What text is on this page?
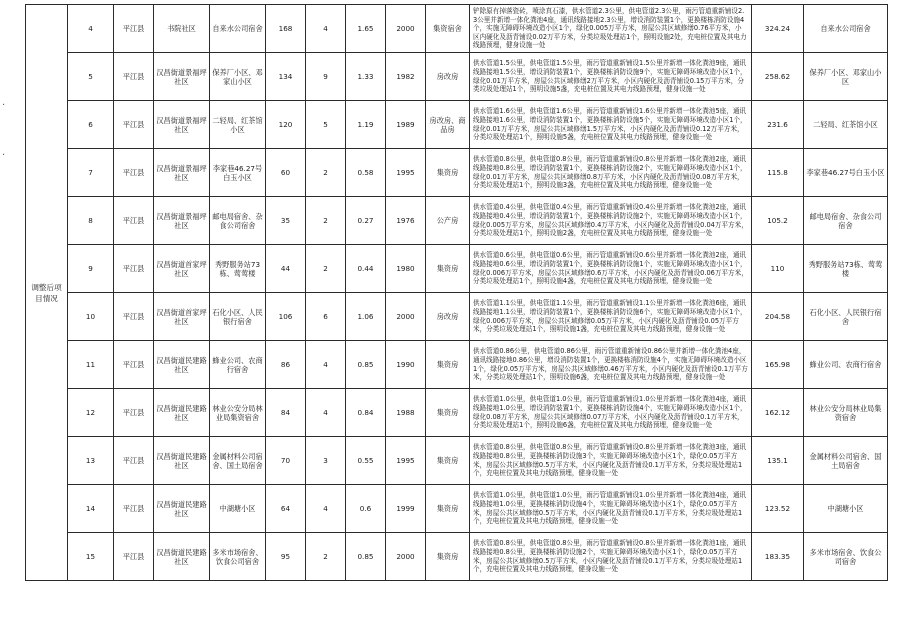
·
·
调整后项目情况	4	平江县	书院社区	自来水公司宿舍	168	4	1.65	2000	集资宿舍	铲除原有掉落瓷砖，喷涂真石漆，供水管道2.3公里，供电管道2.3公里，雨污管道重新铺设2.3公里并新增一体化粪池4座，通讯线路接地2.3公里，增设消防装置1个，更换楼栋消防设施4个，实施无障碍环境改造小区1个，绿化0.005万平方米，房屋公共区域修缮0.76平方米，小区内硬化及沥青铺设0.02万平方米，分类垃圾处理站1个，照明设施2处，充电桩位置及其电力线路预埋，健身设施一处	324.24	自来水公司宿舍
	5	平江县	汉昌街道景福坪社区	保养厂小区、邓家山小区	134	9	1.33	1982	房改房	供水管道1.5公里，供电管道1.5公里，雨污管道重新铺设1.5公里并新增一体化粪池9座，通讯线路接地1.5公里，增设消防装置1个，更换楼栋消防设施9个，实施无障碍环境改造小区1个，绿化0.01万平方米，房屋公共区域修缮2万平方米，小区内硬化及沥青铺设0.15万平方米，分类垃圾处理站1个，照明设施5盏，充电桩位置及其电力线路预埋，健身设施一处	258.62	保养厂小区、邓家山小区
	6	平江县	汉昌街道景福坪社区	二轻局、红茶馆小区	120	5	1.19	1989	房改房、商品房	供水管道1.6公里，供电管道1.6公里，雨污管道重新铺设1.6公里并新增一体化粪池5座，通讯线路接地1.6公里，增设消防装置1个，更换楼栋消防设施5个，实施无障碍环境改造小区1个，绿化0.01万平方米，房屋公共区域修缮1.5万平方米，小区内硬化及沥青铺设0.12万平方米，分类垃圾处理站1个，照明设施5盏，充电桩位置及其电力线路预埋，健身设施一处	231.6	二轻局、红茶馆小区
	7	平江县	汉昌街道景福坪社区	李家巷46.27号白玉小区	60	2	0.58	1995	集资房	供水管道0.8公里，供电管道0.8公里，雨污管道重新铺设0.8公里并新增一体化粪池2座，通讯线路接地0.8公里，增设消防装置1个，更换楼栋消防设施2个，实施无障碍环境改造小区1个，绿化0.01万平方米，房屋公共区域修缮0.8万平方米，小区内硬化及沥青铺设0.08万平方米，分类垃圾处理站1个，照明设施3盏，充电桩位置及其电力线路预埋，健身设施一处	115.8	李家巷46.27号白玉小区
	8	平江县	汉昌街道景福坪社区	邮电局宿舍、杂食公司宿舍	35	2	0.27	1976	公产房	供水管道0.4公里，供电管道0.4公里，雨污管道重新铺设0.4公里并新增一体化粪池2座，通讯线路接地0.4公里，增设消防装置1个，更换楼栋消防设施2个，实施无障碍环境改造小区1个，绿化0.005万平方米，房屋公共区域修缮0.4万平方米，小区内硬化及沥青铺设0.04万平方米，分类垃圾处理站1个，照明设施2盏，充电桩位置及其电力线路预埋，健身设施一处	105.2	邮电局宿舍、杂食公司宿舍
	9	平江县	汉昌街道首家坪社区	秀野服务站73栋、莺莺楼	44	2	0.44	1980	集资房	供水管道0.6公里，供电管道0.6公里，雨污管道重新铺设0.6公里并新增一体化粪池2座，通讯线路接地0.6公里，增设消防装置1个，更换楼栋消防设施1个，实施无障碍环境改造小区1个，绿化0.006万平方米，房屋公共区域修缮0.6万平方米，小区内硬化及沥青铺设0.06万平方米，分类垃圾处理站1个，照明设施4盏，充电桩位置及其电力线路预埋，健身设施一处	110	秀野服务站73栋、莺莺楼
	10	平江县	汉昌街道首家坪社区	石化小区、人民银行宿舍	106	6	1.06	2000	房改房	供水管道1.1公里，供电管道1.1公里，雨污管道重新铺设1.1公里并新增一体化粪池6座，通讯线路接地1.1公里，增设消防装置1个，更换楼栋消防设施6个，实施无障碍环境改造小区1个，绿化0.006万平方米，房屋公共区域修缮0.05万平方米，小区内硬化及沥青铺设0.05万平方米，分类垃圾处理站1个，照明设施1盏，充电桩位置及其电力线路预埋，健身设施一处	204.58	石化小区、人民银行宿舍
	11	平江县	汉昌街道民建路社区	蜂业公司、农商行宿舍	86	4	0.85	1990	集资房	供水管道0.86公里，供电管道0.86公里，雨污管道重新铺设0.86公里并新增一体化粪池4座，通讯线路接地0.86公里，增设消防装置1个，更换楼栋消防设施4个，实施无障碍环境改造小区1个，绿化0.05万平方米，房屋公共区域修缮0.46万平方米，小区内硬化及沥青铺设0.1万平方米，分类垃圾处理站1个，照明设施6盏，充电桩位置及其电力线路预埋，健身设施一处	165.98	蜂业公司、农商行宿舍
	12	平江县	汉昌街道民建路社区	林业公安分局林业局集资宿舍	84	4	0.84	1988	集资房	供水管道1.0公里，供电管道1.0公里，雨污管道重新铺设1.0公里并新增一体化粪池4座，通讯线路接地1.0公里，增设消防装置1个，更换楼栋消防设施4个，实施无障碍环境改造小区1个，绿化0.08万平方米，房屋公共区域修缮0.07万平方米，小区内硬化及沥青铺设0.1万平方米，分类垃圾处理站1个，照明设施6盏，充电桩位置及其电力线路预埋，健身设施一处	162.12	林业公安分局林业局集资宿舍
	13	平江县	汉昌街道民建路社区	金属材料公司宿舍、国土局宿舍	70	3	0.55	1995	集资房	供水管道0.8公里，供电管道0.8公里，雨污管道重新铺设0.8公里并新增一体化粪池3座，通讯线路接地0.8公里，更换楼栋消防设施3个，实施无障碍环境改造小区1个，绿化0.05万平方米，房屋公共区域修缮0.5万平方米，小区内硬化及沥青铺设0.1万平方米，分类垃圾处理站1个，充电桩位置及其电力线路预埋，健身设施一处	135.1	金属材料公司宿舍、国土局宿舍
	14	平江县	汉昌街道民建路社区	中湖塘小区	64	4	0.6	1999	集资房	供水管道1.0公里，供电管道1.0公里，雨污管道重新铺设1.0公里并新增一体化粪池4座，通讯线路接地1.0公里，更换楼栋消防设施4个，实施无障碍环境改造小区1个，绿化0.05万平方米，房屋公共区域修缮0.5万平方米，小区内硬化及沥青铺设0.1万平方米，分类垃圾处理站1个，充电桩位置及其电力线路预埋，健身设施一处	123.52	中湖塘小区
	15	平江县	汉昌街道民建路社区	多米市场宿舍、饮食公司宿舍	95	2	0.85	2000	集资房	供水管道0.8公里，供电管道0.8公里，雨污管道重新铺设0.8公里并新增一体化粪池1座，通讯线路接地0.8公里，更换楼栋消防设施2个，实施无障碍环境改造小区1个，绿化0.05万平方米，房屋公共区域修缮0.5万平方米，小区内硬化及沥青铺设0.1万平方米，分类垃圾处理站1个，充电桩位置及其电力线路预埋，健身设施一处	183.35	多米市场宿舍、饮食公司宿舍
